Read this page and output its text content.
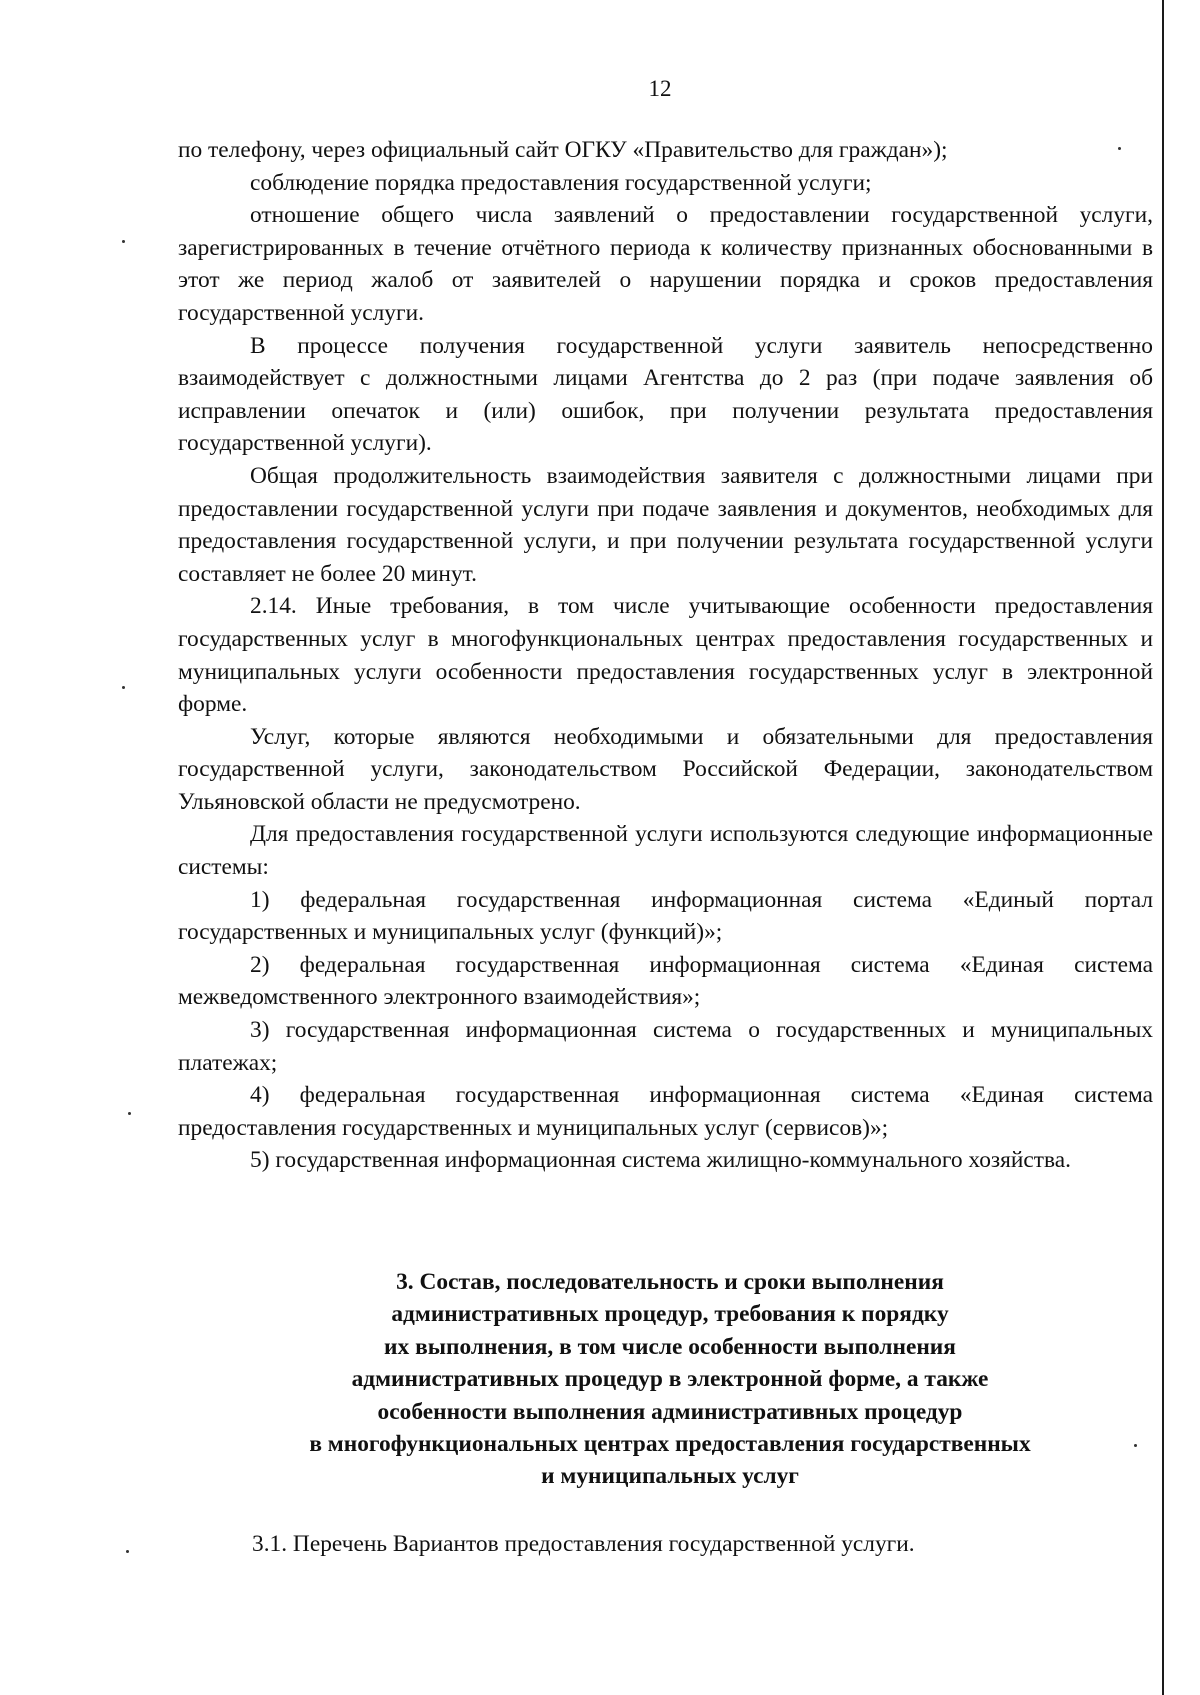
12

по телефону, через официальный сайт ОГКУ «Правительство для граждан»);

соблюдение порядка предоставления государственной услуги;

отношение общего числа заявлений о предоставлении государственной услуги, зарегистрированных в течение отчётного периода к количеству признанных обоснованными в этот же период жалоб от заявителей о нарушении порядка и сроков предоставления государственной услуги.

В процессе получения государственной услуги заявитель непосредственно взаимодействует с должностными лицами Агентства до 2 раз (при подаче заявления об исправлении опечаток и (или) ошибок, при получении результата предоставления государственной услуги).

Общая продолжительность взаимодействия заявителя с должностными лицами при предоставлении государственной услуги при подаче заявления и документов, необходимых для предоставления государственной услуги, и при получении результата государственной услуги составляет не более 20 минут.

2.14. Иные требования, в том числе учитывающие особенности предоставления государственных услуг в многофункциональных центрах предоставления государственных и муниципальных услуги особенности предоставления государственных услуг в электронной форме.

Услуг, которые являются необходимыми и обязательными для предоставления государственной услуги, законодательством Российской Федерации, законодательством Ульяновской области не предусмотрено.

Для предоставления государственной услуги используются следующие информационные системы:

1) федеральная государственная информационная система «Единый портал государственных и муниципальных услуг (функций)»;

2) федеральная государственная информационная система «Единая система межведомственного электронного взаимодействия»;

3) государственная информационная система о государственных и муниципальных платежах;

4) федеральная государственная информационная система «Единая система предоставления государственных и муниципальных услуг (сервисов)»;

5) государственная информационная система жилищно-коммунального хозяйства.

3. Состав, последовательность и сроки выполнения
административных процедур, требования к порядку
их выполнения, в том числе особенности выполнения
административных процедур в электронной форме, а также
особенности выполнения административных процедур
в многофункциональных центрах предоставления государственных
и муниципальных услуг

3.1. Перечень Вариантов предоставления государственной услуги.
